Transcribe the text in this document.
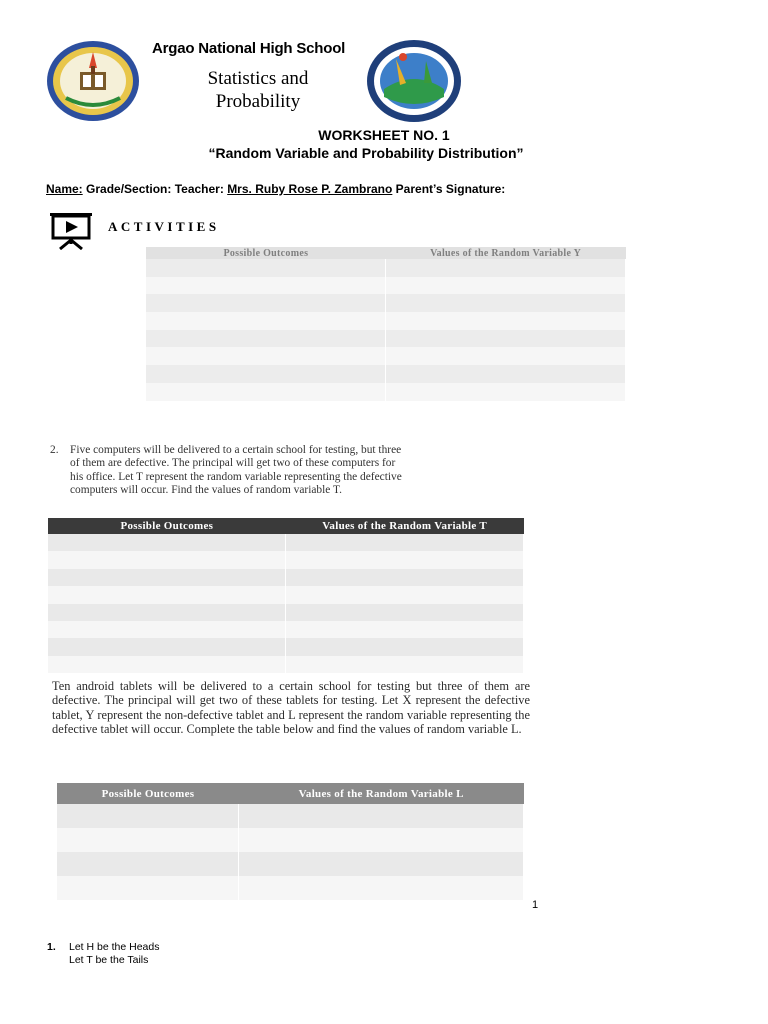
Argao National High School
Statistics and
Probability
WORKSHEET NO. 1
“Random Variable and Probability Distribution”
Name: Grade/Section: Teacher: Mrs. Ruby Rose P. Zambrano Parent’s Signature:
ACTIVITIES
Possible Outcomes	Values of the Random Variable Y

2. Five computers will be delivered to a certain school for testing, but three
of them are defective. The principal will get two of these computers for
his office. Let T represent the random variable representing the defective
computers will occur. Find the values of random variable T.
Possible Outcomes	Values of the Random Variable T

Ten android tablets will be delivered to a certain school for testing but three of them are defective. The principal will get two of these tablets for testing. Let X represent the defective tablet, Y represent the non-defective tablet and L represent the random variable representing the defective tablet will occur. Complete the table below and find the values of random variable L.
Possible Outcomes	Values of the Random Variable L

1
1. Let H be the Heads
Let T be the Tails
